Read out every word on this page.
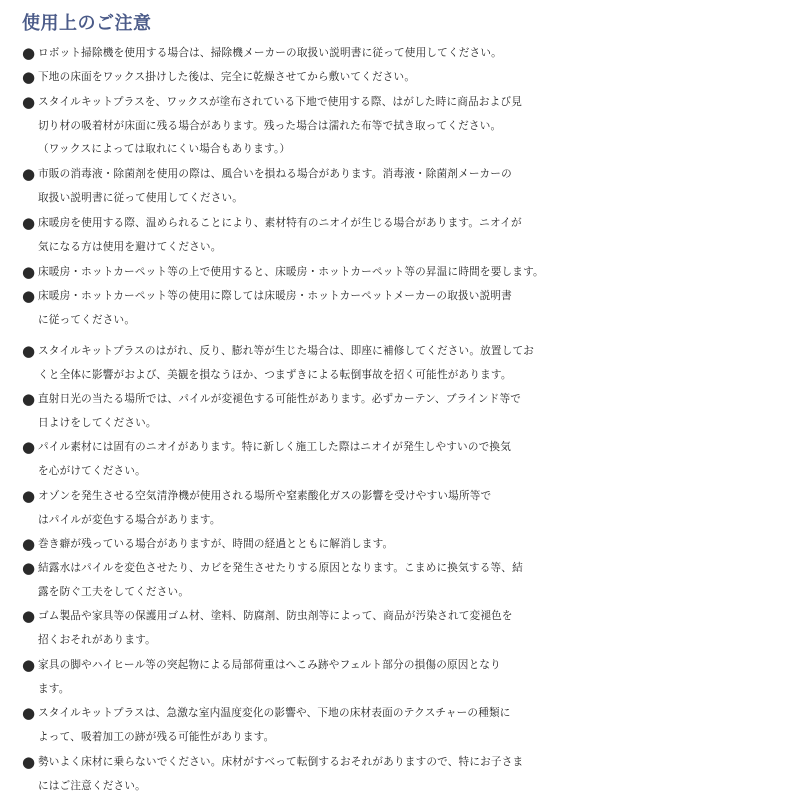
使用上のご注意
● ロボット掃除機を使用する場合は、掃除機メーカーの取扱い説明書に従って使用してください。
● 下地の床面をワックス掛けした後は、完全に乾燥させてから敷いてください。
● スタイルキットプラスを、ワックスが塗布されている下地で使用する際、はがした時に商品および見
切り材の吸着材が床面に残る場合があります。残った場合は濡れた布等で拭き取ってください。
（ワックスによっては取れにくい場合もあります。）
● 市販の消毒液・除菌剤を使用の際は、風合いを損ねる場合があります。消毒液・除菌剤メーカーの
取扱い説明書に従って使用してください。
● 床暖房を使用する際、温められることにより、素材特有のニオイが生じる場合があります。ニオイが
気になる方は使用を避けてください。
● 床暖房・ホットカーペット等の上で使用すると、床暖房・ホットカーペット等の昇温に時間を要します。
● 床暖房・ホットカーペット等の使用に際しては床暖房・ホットカーペットメーカーの取扱い説明書
に従ってください。
● スタイルキットプラスのはがれ、反り、膨れ等が生じた場合は、即座に補修してください。放置してお
くと全体に影響がおよび、美観を損なうほか、つまずきによる転倒事故を招く可能性があります。
● 直射日光の当たる場所では、パイルが変褪色する可能性があります。必ずカーテン、ブラインド等で
日よけをしてください。
● パイル素材には固有のニオイがあります。特に新しく施工した際はニオイが発生しやすいので換気
を心がけてください。
● オゾンを発生させる空気清浄機が使用される場所や窒素酸化ガスの影響を受けやすい場所等で
はパイルが変色する場合があります。
● 巻き癖が残っている場合がありますが、時間の経過とともに解消します。
● 結露水はパイルを変色させたり、カビを発生させたりする原因となります。こまめに換気する等、結
露を防ぐ工夫をしてください。
● ゴム製品や家具等の保護用ゴム材、塗料、防腐剤、防虫剤等によって、商品が汚染されて変褪色を
招くおそれがあります。
● 家具の脚やハイヒール等の突起物による局部荷重はへこみ跡やフェルト部分の損傷の原因となり
ます。
● スタイルキットプラスは、急激な室内温度変化の影響や、下地の床材表面のテクスチャーの種類に
よって、吸着加工の跡が残る可能性があります。
● 勢いよく床材に乗らないでください。床材がすべって転倒するおそれがありますので、特にお子さま
にはご注意ください。
